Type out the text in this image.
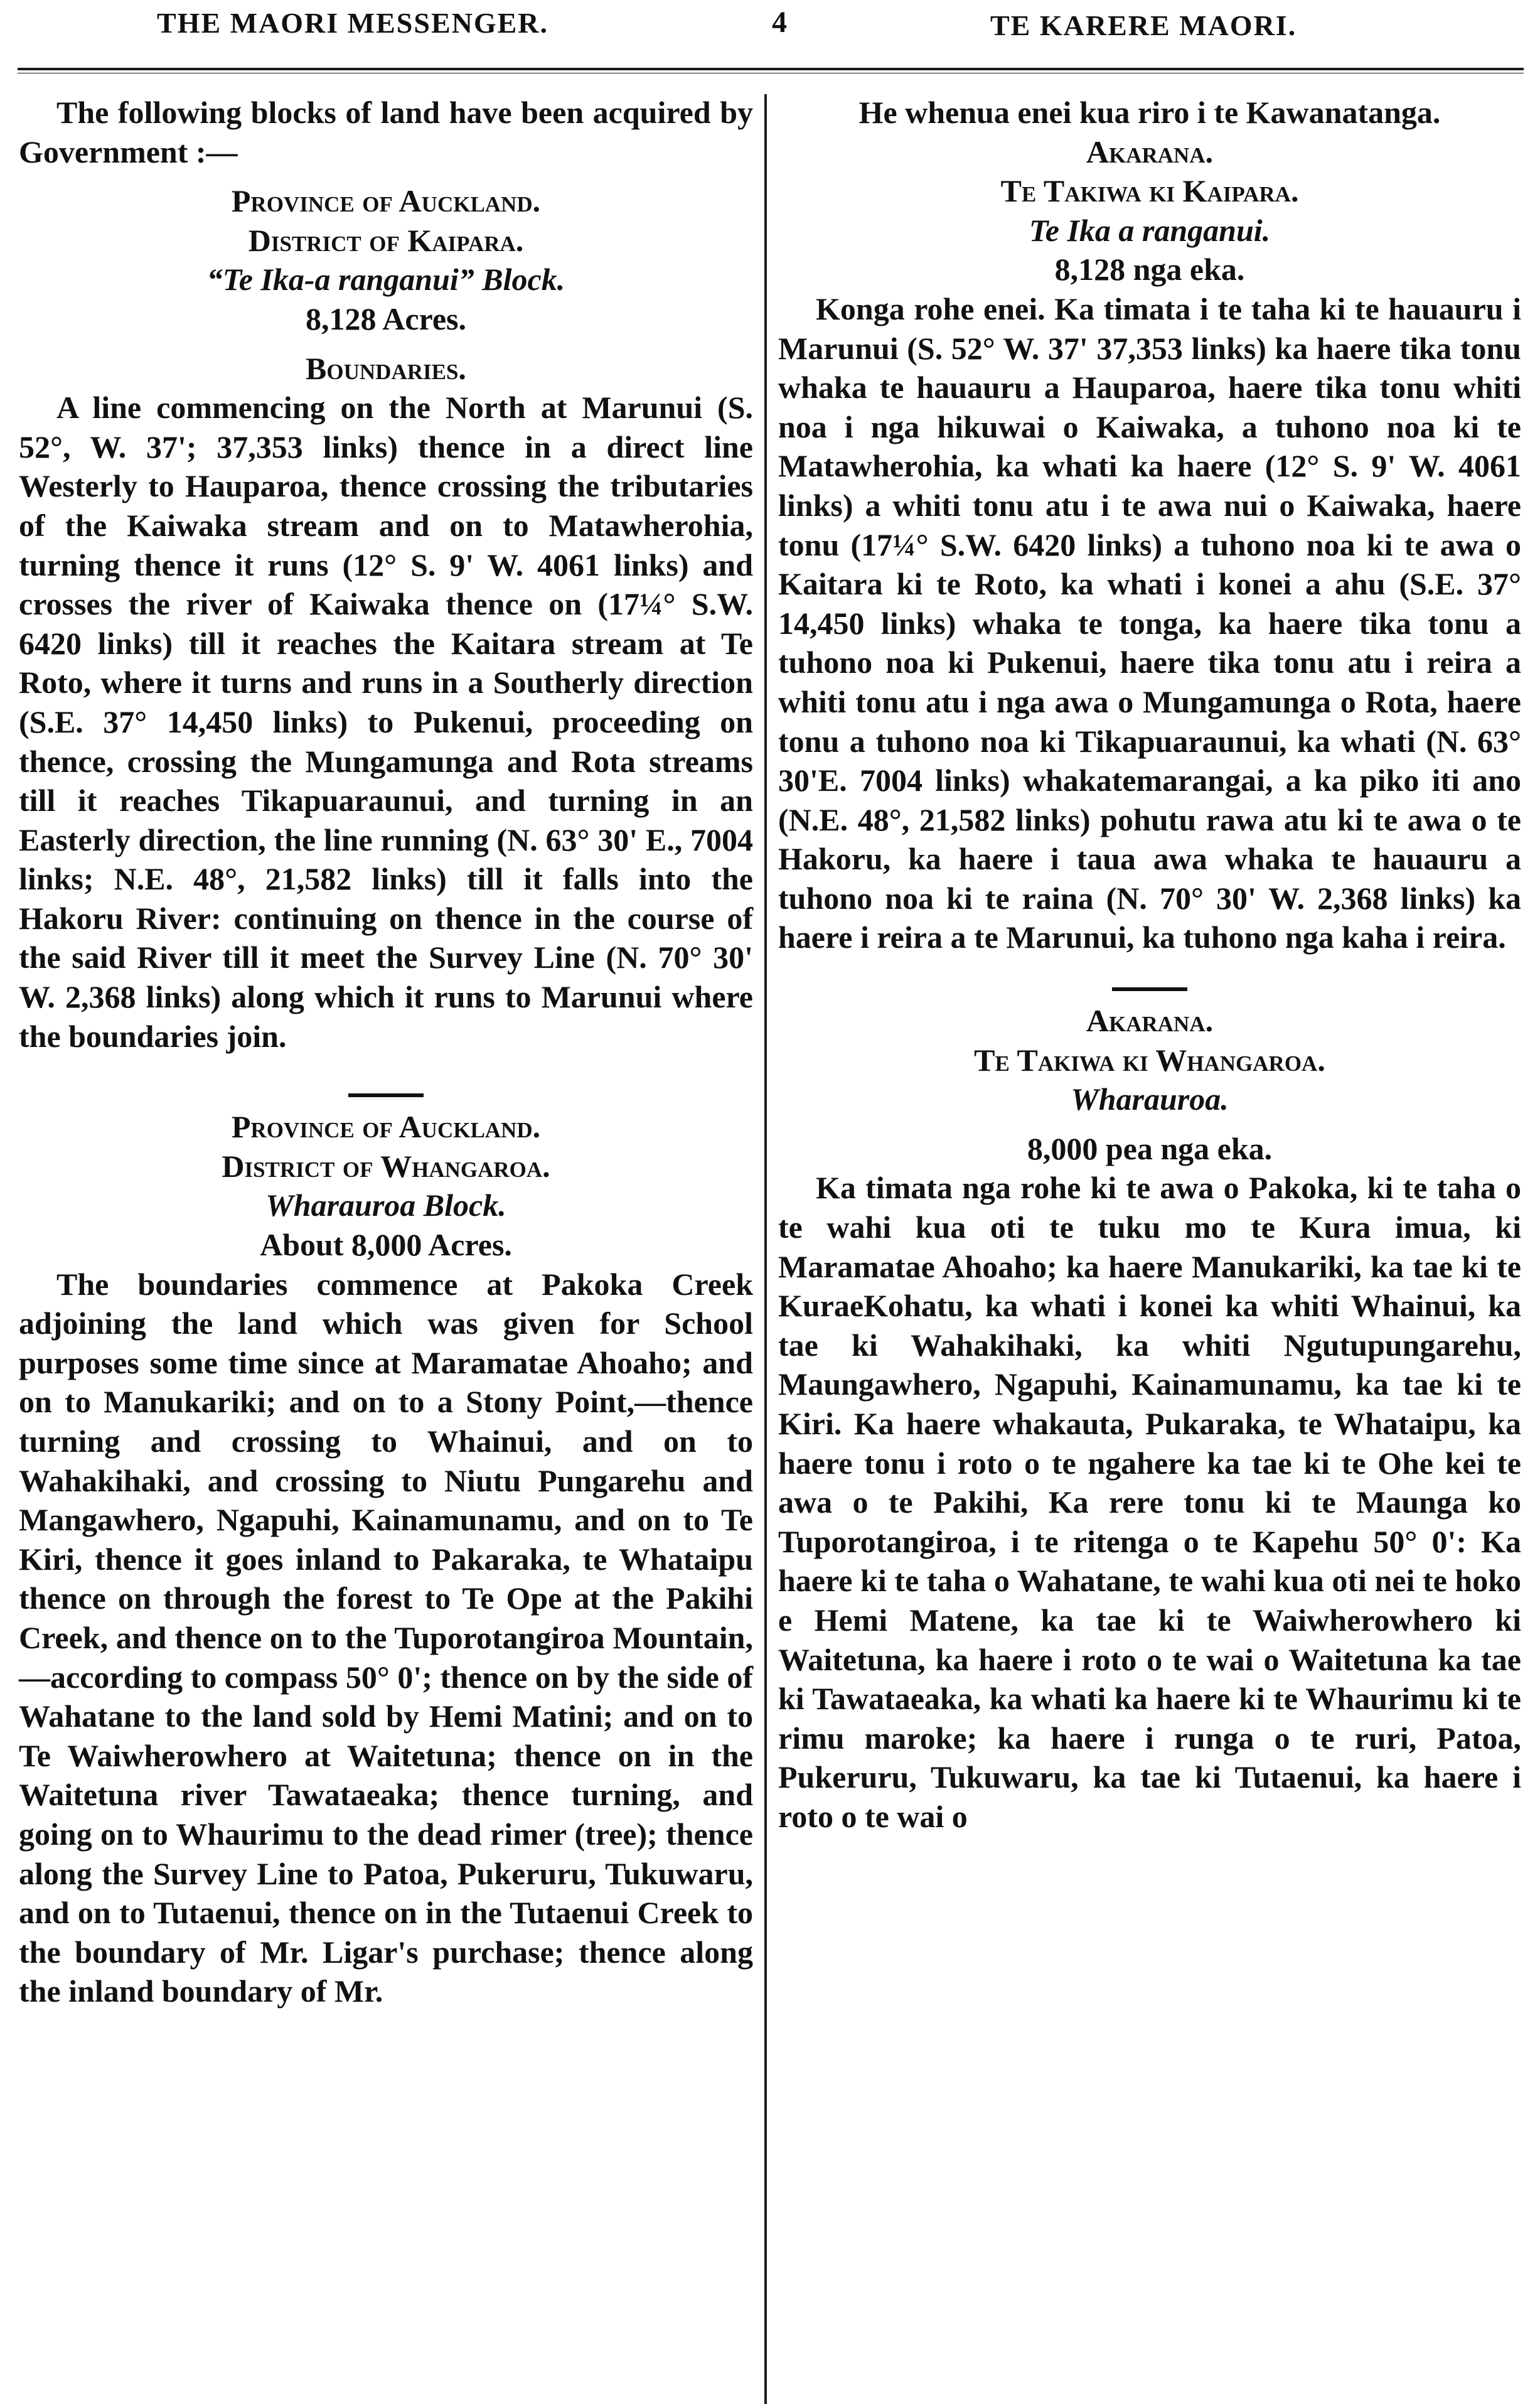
THE MAORI MESSENGER.	4	TE KARERE MAORI.

The following blocks of land have been acquired by Government :—

Province of Auckland.

District of Kaipara.

“Te Ika-a ranganui” Block.

8,128 Acres.

Boundaries.

A line commencing on the North at Marunui (S. 52°, W. 37'; 37,353 links) thence in a direct line Westerly to Hauparoa, thence crossing the tributaries of the Kaiwaka stream and on to Matawherohia, turning thence it runs (12° S. 9' W. 4061 links) and crosses the river of Kaiwaka thence on (17¼° S.W. 6420 links) till it reaches the Kaitara stream at Te Roto, where it turns and runs in a Southerly direction (S.E. 37° 14,450 links) to Pukenui, proceeding on thence, crossing the Mungamunga and Rota streams till it reaches Tikapuaraunui, and turning in an Easterly direction, the line running (N. 63° 30' E., 7004 links; N.E. 48°, 21,582 links) till it falls into the Hakoru River: continuing on thence in the course of the said River till it meet the Survey Line (N. 70° 30' W. 2,368 links) along which it runs to Marunui where the boundaries join.

Province of Auckland.

District of Whangaroa.

Wharauroa Block.

About 8,000 Acres.

The boundaries commence at Pakoka Creek adjoining the land which was given for School purposes some time since at Maramatae Ahoaho; and on to Manukariki; and on to a Stony Point,—thence turning and crossing to Whainui, and on to Wahakihaki, and crossing to Niutu Pungarehu and Mangawhero, Ngapuhi, Kainamunamu, and on to Te Kiri, thence it goes inland to Pakaraka, te Whataipu thence on through the forest to Te Ope at the Pakihi Creek, and thence on to the Tuporotangiroa Mountain,—according to compass 50° 0'; thence on by the side of Wahatane to the land sold by Hemi Matini; and on to Te Waiwherowhero at Waitetuna; thence on in the Waitetuna river Tawataeaka; thence turning, and going on to Whaurimu to the dead rimer (tree); thence along the Survey Line to Patoa, Pukeruru, Tukuwaru, and on to Tutaenui, thence on in the Tutaenui Creek to the boundary of Mr. Ligar's purchase; thence along the inland boundary of Mr.

He whenua enei kua riro i te Kawanatanga.

Akarana.

Te Takiwa ki Kaipara.

Te Ika a ranganui.

8,128 nga eka.

Konga rohe enei. Ka timata i te taha ki te hauauru i Marunui (S. 52° W. 37' 37,353 links) ka haere tika tonu whaka te hauauru a Hauparoa, haere tika tonu whiti noa i nga hikuwai o Kaiwaka, a tuhono noa ki te Matawherohia, ka whati ka haere (12° S. 9' W. 4061 links) a whiti tonu atu i te awa nui o Kaiwaka, haere tonu (17¼° S.W. 6420 links) a tuhono noa ki te awa o Kaitara ki te Roto, ka whati i konei a ahu (S.E. 37° 14,450 links) whaka te tonga, ka haere tika tonu a tuhono noa ki Pukenui, haere tika tonu atu i reira a whiti tonu atu i nga awa o Mungamunga o Rota, haere tonu a tuhono noa ki Tikapuaraunui, ka whati (N. 63° 30'E. 7004 links) whakatemarangai, a ka piko iti ano (N.E. 48°, 21,582 links) pohutu rawa atu ki te awa o te Hakoru, ka haere i taua awa whaka te hauauru a tuhono noa ki te raina (N. 70° 30' W. 2,368 links) ka haere i reira a te Marunui, ka tuhono nga kaha i reira.

Akarana.

Te Takiwa ki Whangaroa.

Wharauroa.

8,000 pea nga eka.

Ka timata nga rohe ki te awa o Pakoka, ki te taha o te wahi kua oti te tuku mo te Kura imua, ki Maramatae Ahoaho; ka haere Manukariki, ka tae ki te KuraeKohatu, ka whati i konei ka whiti Whainui, ka tae ki Wahakihaki, ka whiti Ngutupungarehu, Maungawhero, Ngapuhi, Kainamunamu, ka tae ki te Kiri. Ka haere whakauta, Pukaraka, te Whataipu, ka haere tonu i roto o te ngahere ka tae ki te Ohe kei te awa o te Pakihi, Ka rere tonu ki te Maunga ko Tuporotangiroa, i te ritenga o te Kapehu 50° 0': Ka haere ki te taha o Wahatane, te wahi kua oti nei te hoko e Hemi Matene, ka tae ki te Waiwherowhero ki Waitetuna, ka haere i roto o te wai o Waitetuna ka tae ki Tawataeaka, ka whati ka haere ki te Whaurimu ki te rimu maroke; ka haere i runga o te ruri, Patoa, Pukeruru, Tukuwaru, ka tae ki Tutaenui, ka haere i roto o te wai o
